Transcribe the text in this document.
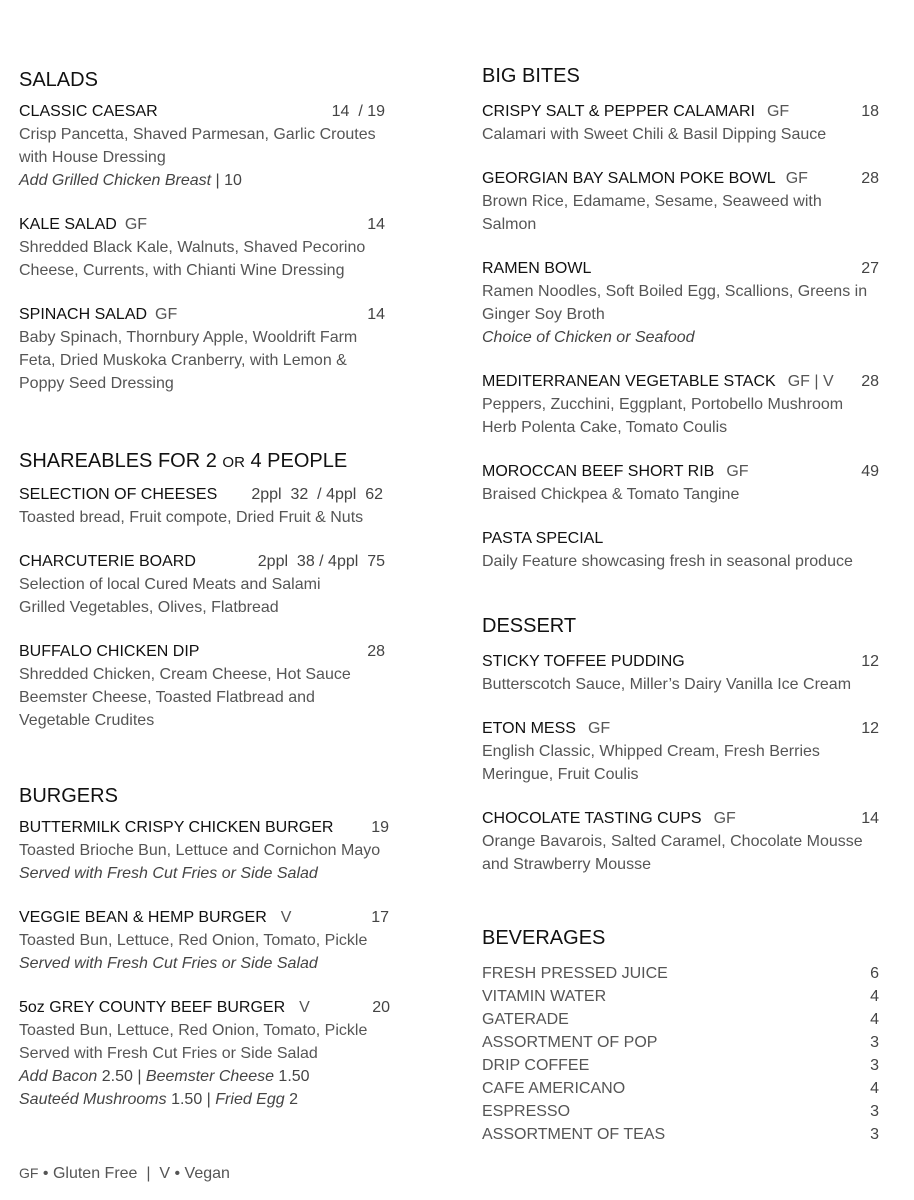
SALADS
CLASSIC CAESAR	14  / 19
Crisp Pancetta, Shaved Parmesan, Garlic Croutes with House Dressing
Add Grilled Chicken Breast | 10
KALE SALAD GF	14
Shredded Black Kale, Walnuts, Shaved Pecorino Cheese, Currents, with Chianti Wine Dressing
SPINACH SALAD GF	14
Baby Spinach, Thornbury Apple, Wooldrift Farm Feta, Dried Muskoka Cranberry, with Lemon & Poppy Seed Dressing
SHAREABLES FOR 2 OR 4 PEOPLE
SELECTION OF CHEESES 2ppl  32  / 4ppl  62
Toasted bread, Fruit compote, Dried Fruit & Nuts
CHARCUTERIE BOARD	2ppl  38 / 4ppl  75
Selection of local Cured Meats and Salami Grilled Vegetables, Olives, Flatbread
BUFFALO CHICKEN DIP	28
Shredded Chicken, Cream Cheese, Hot Sauce Beemster Cheese, Toasted Flatbread and Vegetable Crudites
BURGERS
BUTTERMILK CRISPY CHICKEN BURGER 19
Toasted Brioche Bun, Lettuce and Cornichon Mayo
Served with Fresh Cut Fries or Side Salad
VEGGIE BEAN & HEMP BURGER V	17
Toasted Bun, Lettuce, Red Onion, Tomato, Pickle
Served with Fresh Cut Fries or Side Salad
5oz GREY COUNTY BEEF BURGER V	20
Toasted Bun, Lettuce, Red Onion, Tomato, Pickle Served with Fresh Cut Fries or Side Salad
Add Bacon 2.50 | Beemster Cheese 1.50
Sauteéd Mushrooms 1.50 | Fried Egg 2
BIG BITES
CRISPY SALT & PEPPER CALAMARI GF	18
Calamari with Sweet Chili & Basil Dipping Sauce
GEORGIAN BAY SALMON POKE BOWL GF	28
Brown Rice, Edamame, Sesame, Seaweed with Salmon
RAMEN BOWL	27
Ramen Noodles, Soft Boiled Egg, Scallions, Greens in Ginger Soy Broth
Choice of Chicken or Seafood
MEDITERRANEAN VEGETABLE STACK GF | V 28
Peppers, Zucchini, Eggplant, Portobello Mushroom Herb Polenta Cake, Tomato Coulis
MOROCCAN BEEF SHORT RIB GF	49
Braised Chickpea & Tomato Tangine
PASTA SPECIAL
Daily Feature showcasing fresh in seasonal produce
DESSERT
STICKY TOFFEE PUDDING	12
Butterscotch Sauce, Miller’s Dairy Vanilla Ice Cream
ETON MESS GF	12
English Classic, Whipped Cream, Fresh Berries Meringue, Fruit Coulis
CHOCOLATE TASTING CUPS GF	14
Orange Bavarois, Salted Caramel, Chocolate Mousse and Strawberry Mousse
BEVERAGES
FRESH PRESSED JUICE	6
VITAMIN WATER	4
GATERADE	4
ASSORTMENT OF POP	3
DRIP COFFEE	3
CAFE AMERICANO	4
ESPRESSO	3
ASSORTMENT OF TEAS	3
GF • Gluten Free  |  V • Vegan
